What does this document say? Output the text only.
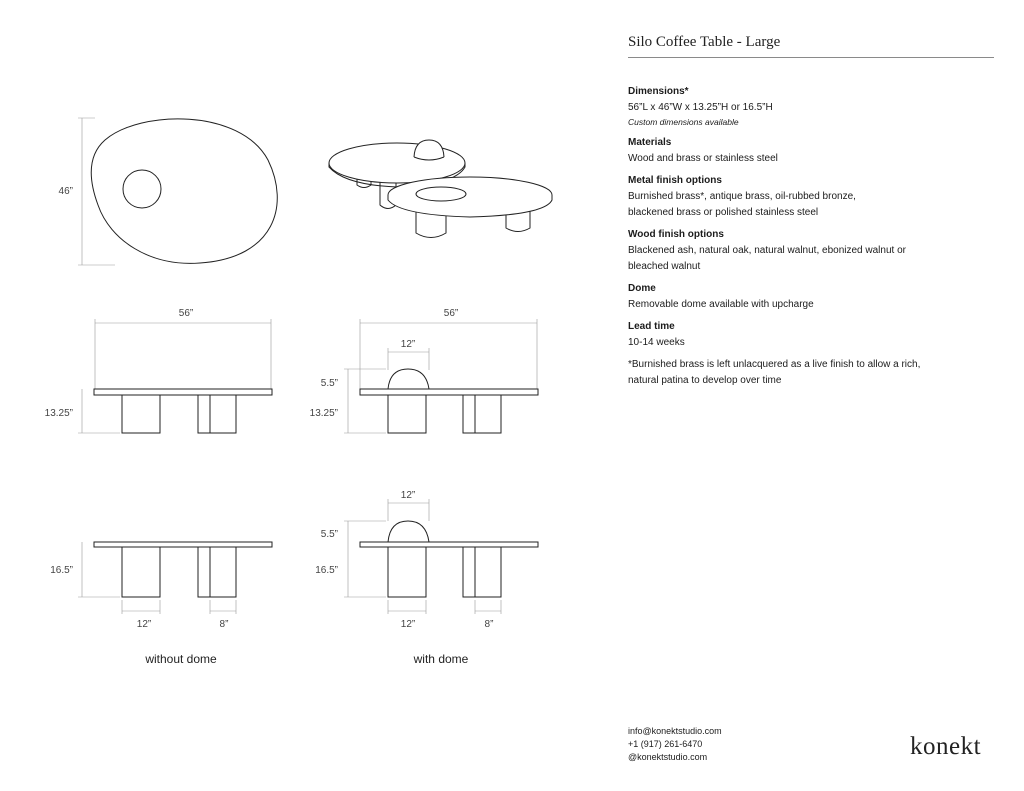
46”
56”
13.25”
56”
12”
5.5”
13.25”
16.5”
12”	8”
12”
5.5”
16.5”
12”	8”
without dome	with dome
Silo Coffee Table - Large
Dimensions*
56”L x 46”W x 13.25”H or 16.5”H
Custom dimensions available
Materials
Wood and brass or stainless steel
Metal finish options
Burnished brass*, antique brass, oil-rubbed bronze, blackened brass or polished stainless steel
Wood finish options
Blackened ash, natural oak, natural walnut, ebonized walnut or bleached walnut
Dome
Removable dome available with upcharge
Lead time
10-14 weeks
*Burnished brass is left unlacquered as a live finish to allow a rich, natural patina to develop over time
info@konektstudio.com
+1 (917) 261-6470
@konektstudio.com	konekt
